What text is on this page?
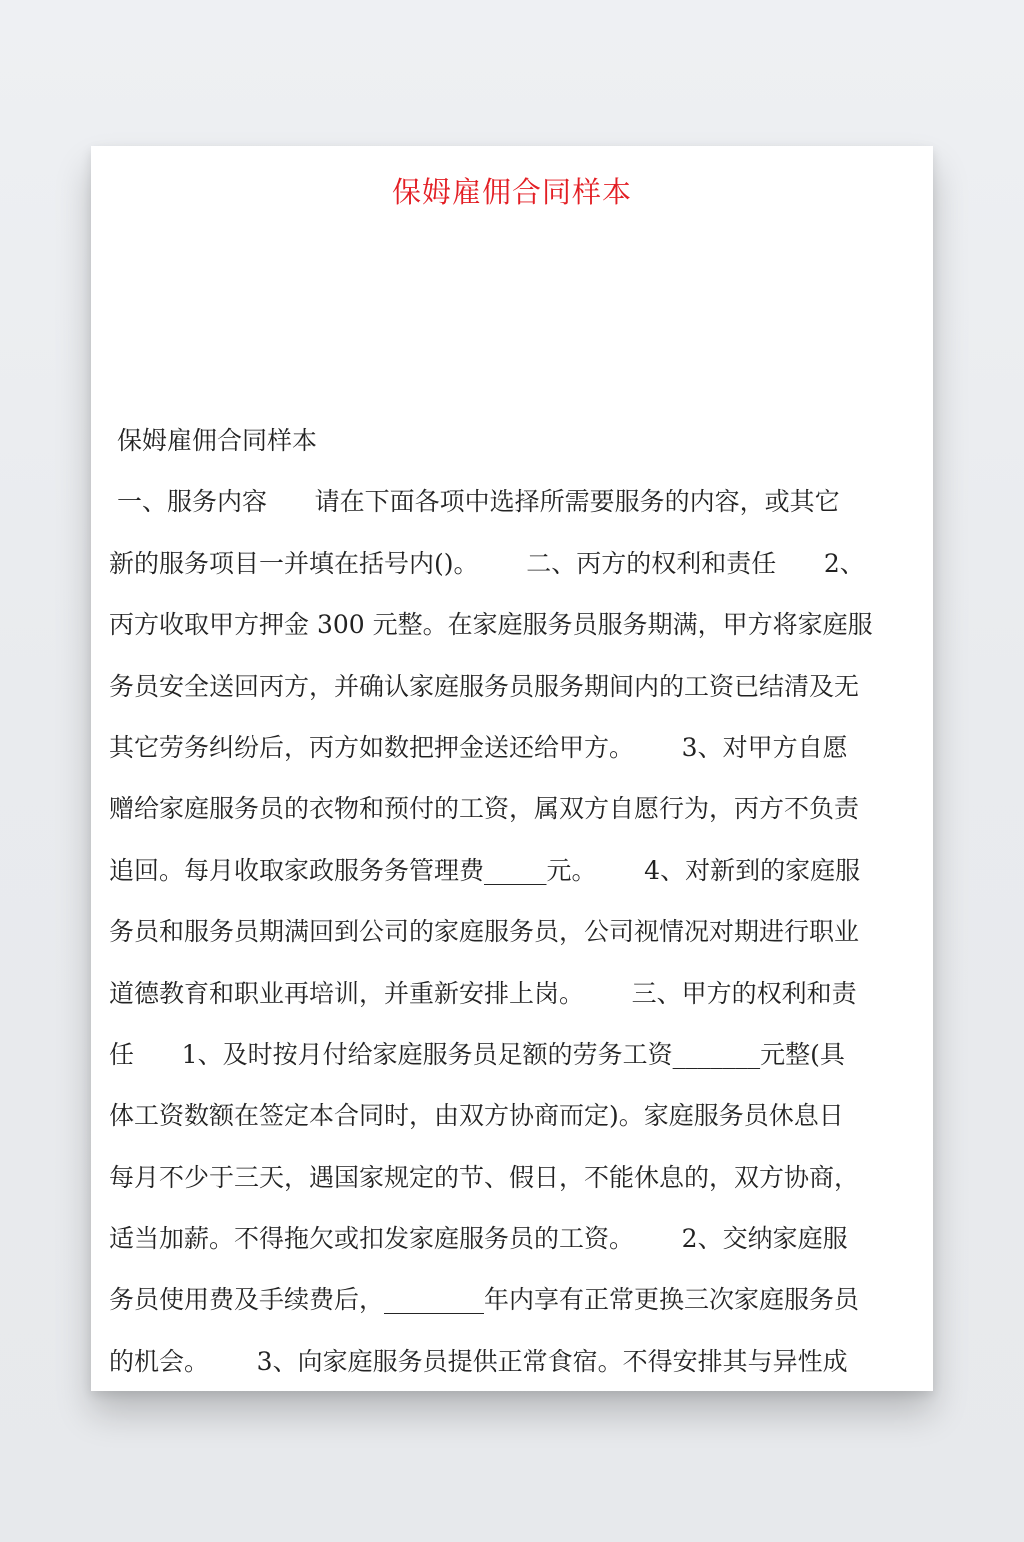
保姆雇佣合同样本
保姆雇佣合同样本
一、服务内容      请在下面各项中选择所需要服务的内容，或其它
新的服务项目一并填在括号内()。      二、丙方的权利和责任      2、
丙方收取甲方押金 300 元整。在家庭服务员服务期满，甲方将家庭服
务员安全送回丙方，并确认家庭服务员服务期间内的工资已结清及无
其它劳务纠纷后，丙方如数把押金送还给甲方。      3、对甲方自愿
赠给家庭服务员的衣物和预付的工资，属双方自愿行为，丙方不负责
追回。每月收取家政服务务管理费_____元。      4、对新到的家庭服
务员和服务员期满回到公司的家庭服务员，公司视情况对期进行职业
道德教育和职业再培训，并重新安排上岗。      三、甲方的权利和责
任      1、及时按月付给家庭服务员足额的劳务工资_______元整(具
体工资数额在签定本合同时，由双方协商而定)。家庭服务员休息日
每月不少于三天，遇国家规定的节、假日，不能休息的，双方协商，
适当加薪。不得拖欠或扣发家庭服务员的工资。      2、交纳家庭服
务员使用费及手续费后，________年内享有正常更换三次家庭服务员
的机会。      3、向家庭服务员提供正常食宿。不得安排其与异性成
